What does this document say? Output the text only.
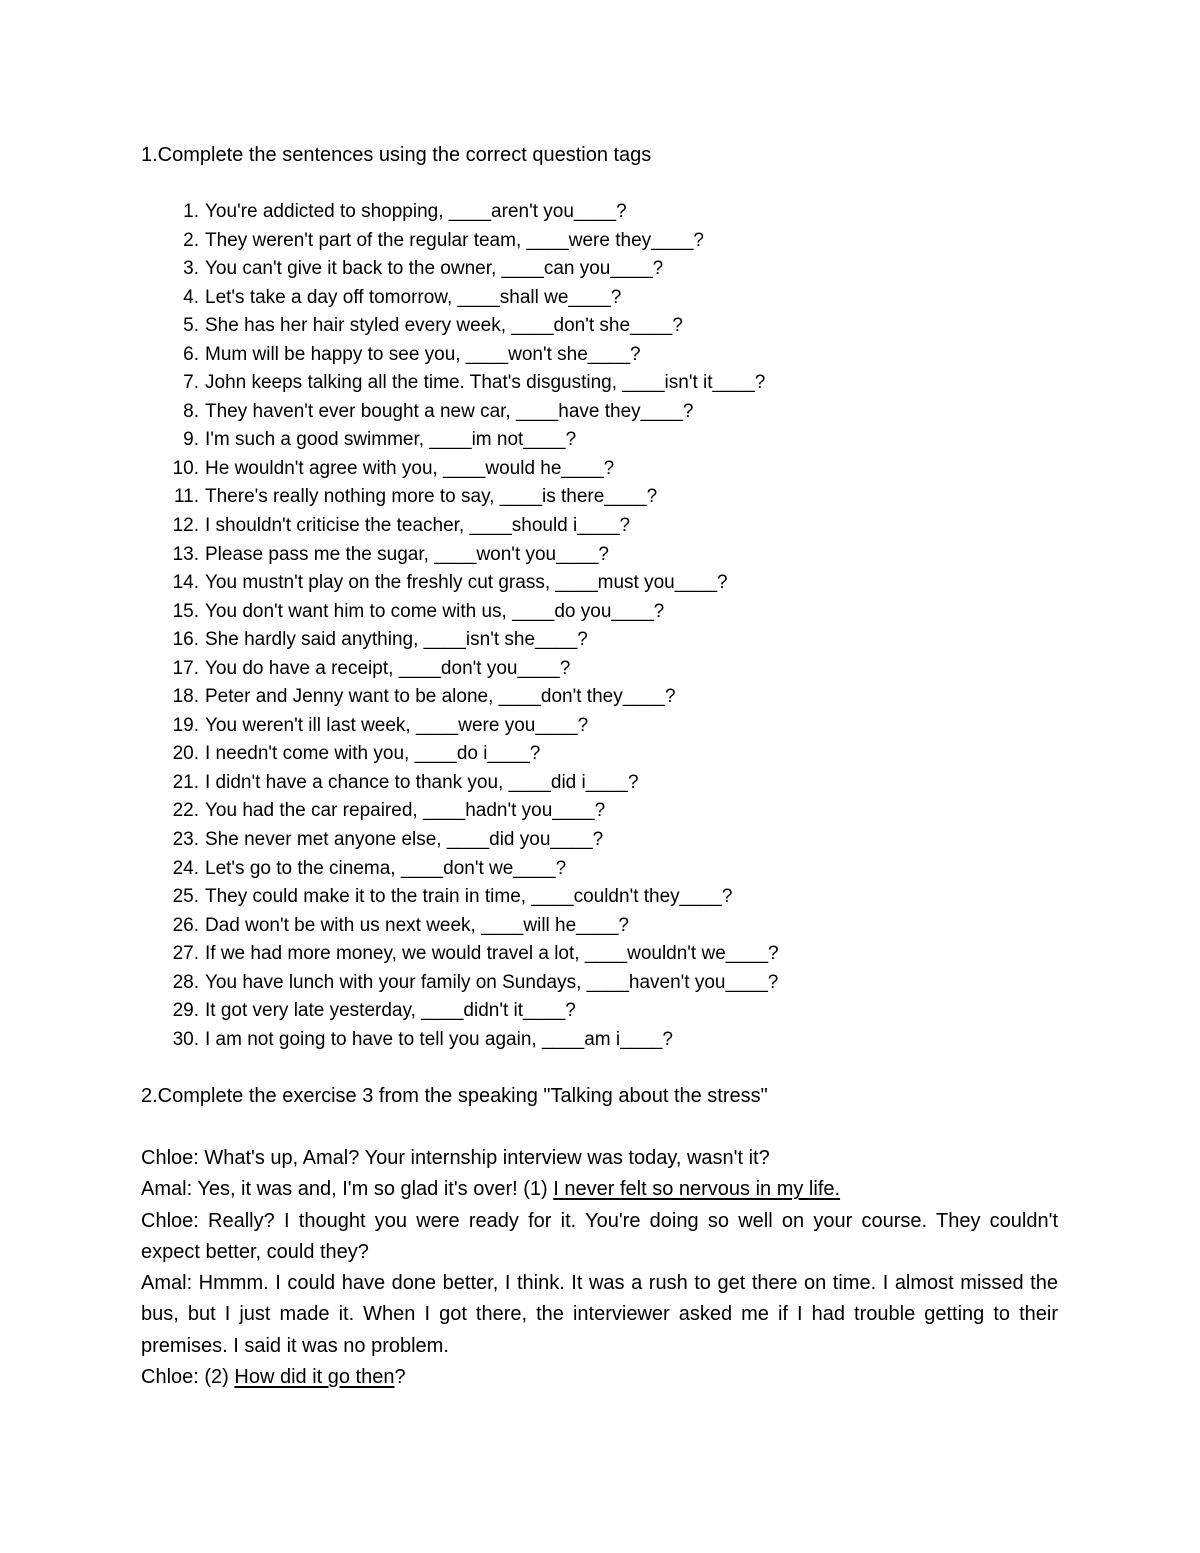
1.Complete the sentences using the correct question tags
1. You're addicted to shopping, ____aren't you____?
2. They weren't part of the regular team, ____were they____?
3. You can't give it back to the owner, ____can you____?
4. Let's take a day off tomorrow, ____shall we____?
5. She has her hair styled every week, ____don't she____?
6. Mum will be happy to see you, ____won't she____?
7. John keeps talking all the time. That's disgusting, ____isn't it____?
8. They haven't ever bought a new car, ____have they____?
9. I'm such a good swimmer, ____im not____?
10. He wouldn't agree with you, ____would he____?
11. There's really nothing more to say, ____is there____?
12. I shouldn't criticise the teacher, ____should i____?
13. Please pass me the sugar, ____won't you____?
14. You mustn't play on the freshly cut grass, ____must you____?
15. You don't want him to come with us, ____do you____?
16. She hardly said anything, ____isn't she____?
17. You do have a receipt, ____don't you____?
18. Peter and Jenny want to be alone, ____don't they____?
19. You weren't ill last week, ____were you____?
20. I needn't come with you, ____do i____?
21. I didn't have a chance to thank you, ____did i____?
22. You had the car repaired, ____hadn't you____?
23. She never met anyone else, ____did you____?
24. Let's go to the cinema, ____don't we____?
25. They could make it to the train in time, ____couldn't they____?
26. Dad won't be with us next week, ____will he____?
27. If we had more money, we would travel a lot, ____wouldn't we____?
28. You have lunch with your family on Sundays, ____haven't you____?
29. It got very late yesterday, ____didn't it____?
30. I am not going to have to tell you again, ____am i____?
2.Complete the exercise 3 from the speaking "Talking about the stress"

Chloe: What's up, Amal? Your internship interview was today, wasn't it?

Amal: Yes, it was and, I'm so glad it's over! (1) I never felt so nervous in my life.

Chloe: Really? I thought you were ready for it. You're doing so well on your course. They couldn't expect better, could they?

Amal: Hmmm. I could have done better, I think. It was a rush to get there on time. I almost missed the bus, but I just made it. When I got there, the interviewer asked me if I had trouble getting to their premises. I said it was no problem.

Chloe: (2) How did it go then?
